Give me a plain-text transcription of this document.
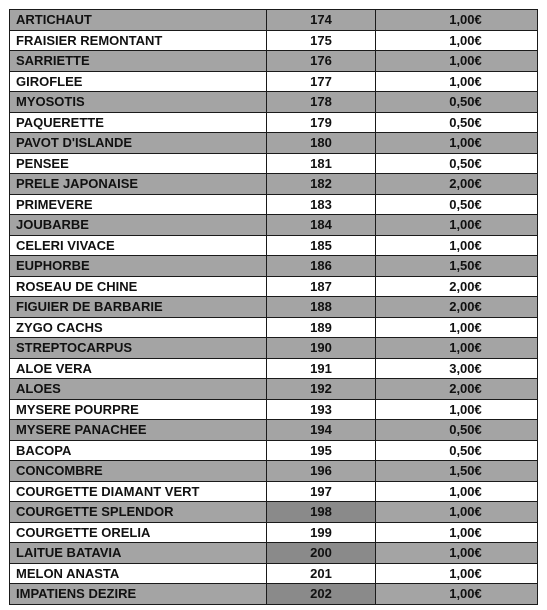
ARTICHAUT	174	1,00€
FRAISIER REMONTANT	175	1,00€
SARRIETTE	176	1,00€
GIROFLEE	177	1,00€
MYOSOTIS	178	0,50€
PAQUERETTE	179	0,50€
PAVOT D'ISLANDE	180	1,00€
PENSEE	181	0,50€
PRELE JAPONAISE	182	2,00€
PRIMEVERE	183	0,50€
JOUBARBE	184	1,00€
CELERI VIVACE	185	1,00€
EUPHORBE	186	1,50€
ROSEAU DE CHINE	187	2,00€
FIGUIER DE BARBARIE	188	2,00€
ZYGO CACHS	189	1,00€
STREPTOCARPUS	190	1,00€
ALOE VERA	191	3,00€
ALOES	192	2,00€
MYSERE POURPRE	193	1,00€
MYSERE PANACHEE	194	0,50€
BACOPA	195	0,50€
CONCOMBRE	196	1,50€
COURGETTE DIAMANT VERT	197	1,00€
COURGETTE SPLENDOR	198	1,00€
COURGETTE ORELIA	199	1,00€
LAITUE BATAVIA	200	1,00€
MELON ANASTA	201	1,00€
IMPATIENS DEZIRE	202	1,00€
